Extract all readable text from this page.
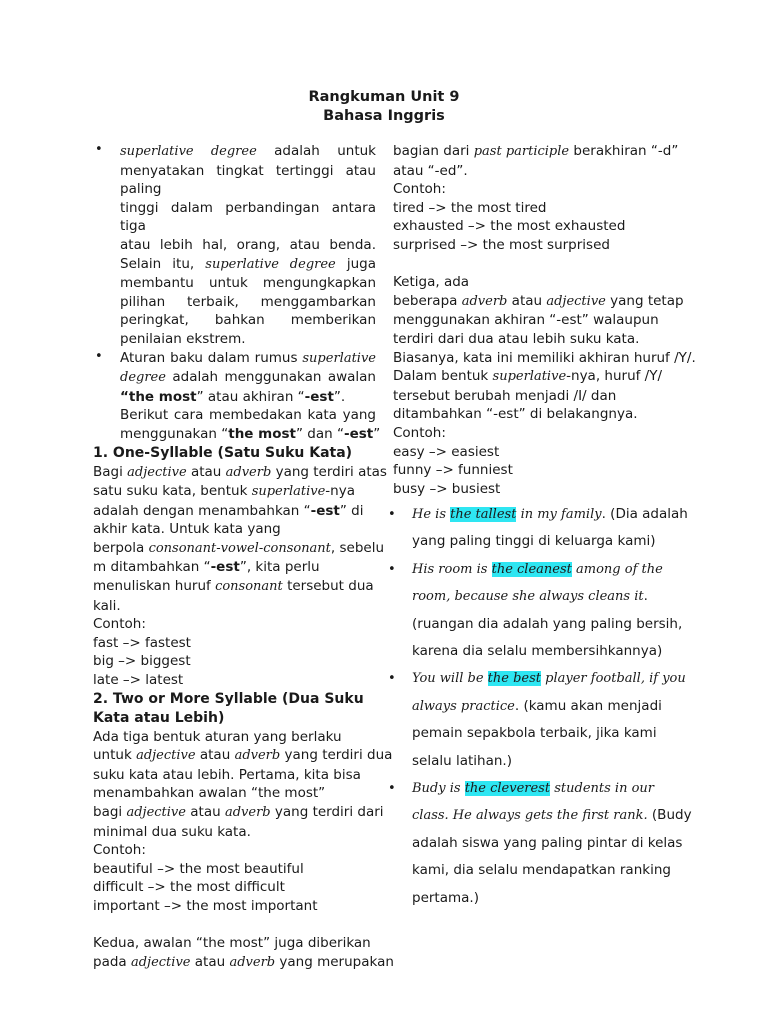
Rangkuman Unit 9
Bahasa Inggris
• superlative degree adalah untuk
menyatakan tingkat tertinggi atau paling
tinggi dalam perbandingan antara tiga
atau lebih hal, orang, atau benda.
Selain itu, superlative degree juga
membantu untuk mengungkapkan
pilihan terbaik, menggambarkan
peringkat, bahkan memberikan
penilaian ekstrem.
• Aturan baku dalam rumus superlative
degree adalah menggunakan awalan
“the most” atau akhiran “-est”.
Berikut cara membedakan kata yang
menggunakan “the most” dan “-est”
1. One-Syllable (Satu Suku Kata)
Bagi adjective atau adverb yang terdiri atas
satu suku kata, bentuk superlative-nya
adalah dengan menambahkan “-est” di
akhir kata. Untuk kata yang
berpola consonant-vowel-consonant, sebelu
m ditambahkan “-est”, kita perlu
menuliskan huruf consonant tersebut dua
kali.
Contoh:
fast –> fastest
big –> biggest
late –> latest
2. Two or More Syllable (Dua Suku
Kata atau Lebih)
Ada tiga bentuk aturan yang berlaku
untuk adjective atau adverb yang terdiri dua
suku kata atau lebih. Pertama, kita bisa
menambahkan awalan “the most”
bagi adjective atau adverb yang terdiri dari
minimal dua suku kata.
Contoh:
beautiful –> the most beautiful
difficult –> the most difficult
important –> the most important
Kedua, awalan “the most” juga diberikan
pada adjective atau adverb yang merupakan
bagian dari past participle berakhiran “-d”
atau “-ed”.
Contoh:
tired –> the most tired
exhausted –> the most exhausted
surprised –> the most surprised
Ketiga, ada
beberapa adverb atau adjective yang tetap
menggunakan akhiran “-est” walaupun
terdiri dari dua atau lebih suku kata.
Biasanya, kata ini memiliki akhiran huruf /Y/.
Dalam bentuk superlative-nya, huruf /Y/
tersebut berubah menjadi /I/ dan
ditambahkan “-est” di belakangnya.
Contoh:
easy –> easiest
funny –> funniest
busy –> busiest
• He is the tallest in my family. (Dia adalah
yang paling tinggi di keluarga kami)
• His room is the cleanest among of the
room, because she always cleans it.
(ruangan dia adalah yang paling bersih,
karena dia selalu membersihkannya)
• You will be the best player football, if you
always practice. (kamu akan menjadi
pemain sepakbola terbaik, jika kami
selalu latihan.)
• Budy is the cleverest students in our
class. He always gets the first rank. (Budy
adalah siswa yang paling pintar di kelas
kami, dia selalu mendapatkan ranking
pertama.)
